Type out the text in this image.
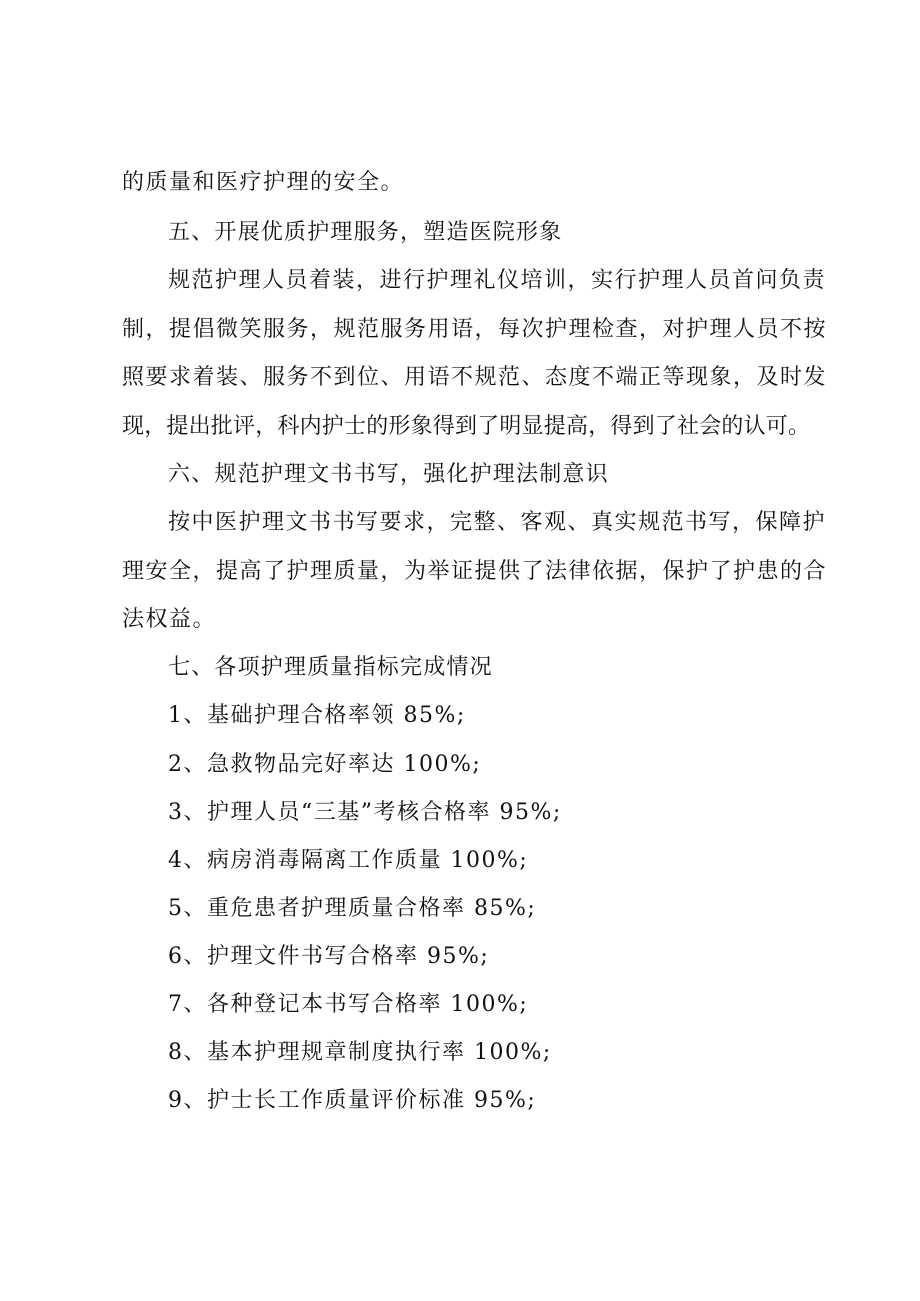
的质量和医疗护理的安全。
五、开展优质护理服务，塑造医院形象
规范护理人员着装，进行护理礼仪培训，实行护理人员首问负责
制，提倡微笑服务，规范服务用语，每次护理检查，对护理人员不按
照要求着装、服务不到位、用语不规范、态度不端正等现象，及时发
现，提出批评，科内护士的形象得到了明显提高，得到了社会的认可。
六、规范护理文书书写，强化护理法制意识
按中医护理文书书写要求，完整、客观、真实规范书写，保障护
理安全，提高了护理质量，为举证提供了法律依据，保护了护患的合
法权益。
七、各项护理质量指标完成情况
1、基础护理合格率领 85%;
2、急救物品完好率达 100%;
3、护理人员“三基”考核合格率 95%;
4、病房消毒隔离工作质量 100%;
5、重危患者护理质量合格率 85%;
6、护理文件书写合格率 95%;
7、各种登记本书写合格率 100%;
8、基本护理规章制度执行率 100%;
9、护士长工作质量评价标准 95%;
